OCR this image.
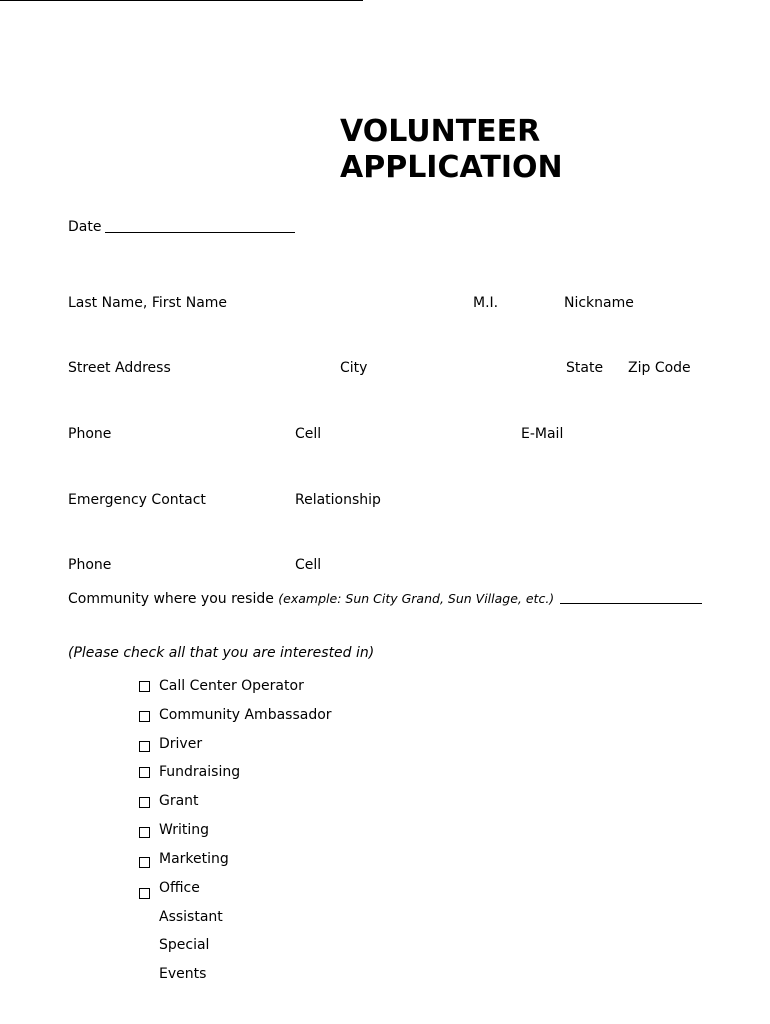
VOLUNTEER
APPLICATION
Date
Last Name, First Name	M.I.	Nickname
Street Address	City	State Zip Code
Phone	Cell	E-Mail
Emergency Contact	Relationship
Phone	Cell
Community where you reside (example: Sun City Grand, Sun Village, etc.)
(Please check all that you are interested in)
Call Center Operator
Community Ambassador
Driver
Fundraising
Grant
Writing
Marketing
Office
Assistant
Special
Events
